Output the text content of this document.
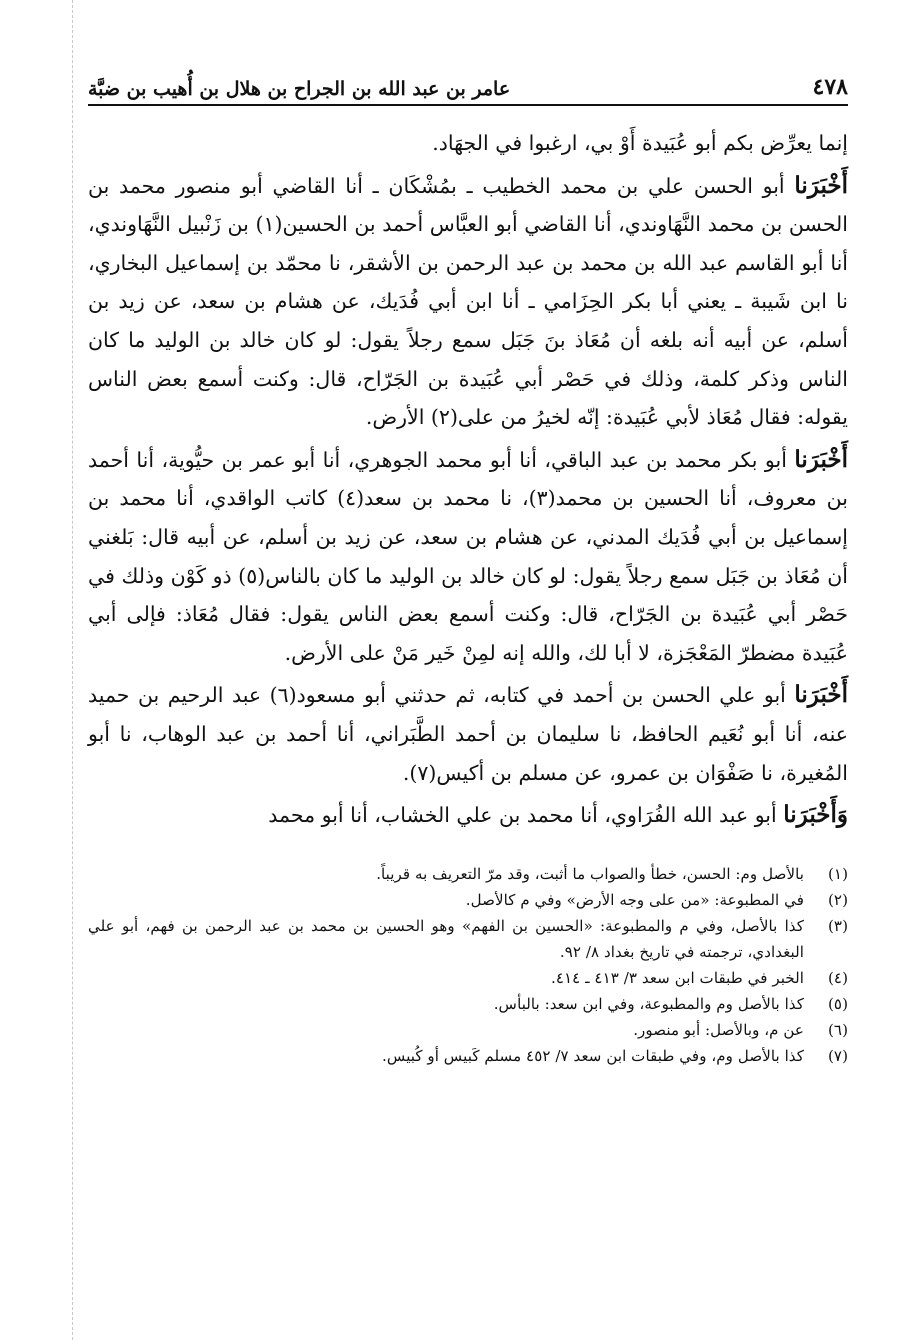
٤٧٨
عامر بن عبد الله بن الجراح بن هلال بن أُهيب بن ضبَّة

إنما يعرِّض بكم أبو عُبَيدة أَوْ بي، ارغبوا في الجهَاد.

أَخْبَرَنا أبو الحسن علي بن محمد الخطيب ـ بمُشْكَان ـ أنا القاضي أبو منصور محمد بن الحسن بن محمد النَّهَاوندي، أنا القاضي أبو العبَّاس أحمد بن الحسين(١) بن زَنْبيل النَّهَاوندي، أنا أبو القاسم عبد الله بن محمد بن عبد الرحمن بن الأشقر، نا محمّد بن إسماعيل البخاري، نا ابن شَيبة ـ يعني أبا بكر الحِزَامي ـ أنا ابن أبي فُدَيك، عن هشام بن سعد، عن زيد بن أسلم، عن أبيه أنه بلغه أن مُعَاذ بنَ جَبَل سمع رجلاً يقول: لو كان خالد بن الوليد ما كان الناس وذكر كلمة، وذلك في حَصْر أبي عُبَيدة بن الجَرّاح، قال: وكنت أسمع بعض الناس يقوله: فقال مُعَاذ لأبي عُبَيدة: إنّه لخيرُ من على(٢) الأرض.

أَخْبَرَنا أبو بكر محمد بن عبد الباقي، أنا أبو محمد الجوهري، أنا أبو عمر بن حيُّوية، أنا أحمد بن معروف، أنا الحسين بن محمد(٣)، نا محمد بن سعد(٤) كاتب الواقدي، أنا محمد بن إسماعيل بن أبي فُدَيك المدني، عن هشام بن سعد، عن زيد بن أسلم، عن أبيه قال: بَلغني أن مُعَاذ بن جَبَل سمع رجلاً يقول: لو كان خالد بن الوليد ما كان بالناس(٥) ذو كَوْن وذلك في حَصْر أبي عُبَيدة بن الجَرّاح، قال: وكنت أسمع بعض الناس يقول: فقال مُعَاذ: فإلى أبي عُبَيدة مضطرّ المَعْجَزة، لا أبا لك، والله إنه لمِنْ خَير مَنْ على الأرض.

أَخْبَرَنا أبو علي الحسن بن أحمد في كتابه، ثم حدثني أبو مسعود(٦) عبد الرحيم بن حميد عنه، أنا أبو نُعَيم الحافظ، نا سليمان بن أحمد الطَّبَراني، أنا أحمد بن عبد الوهاب، نا أبو المُغيرة، نا صَفْوَان بن عمرو، عن مسلم بن أكيس(٧).

وَأَخْبَرَنا أبو عبد الله الفُرَاوي، أنا محمد بن علي الخشاب، أنا أبو محمد

(١)
بالأصل وم: الحسن، خطأ والصواب ما أثبت، وقد مرّ التعريف به قريباً.
(٢)
في المطبوعة: «من على وجه الأرض» وفي م كالأصل.
(٣)
كذا بالأصل، وفي م والمطبوعة: «الحسين بن الفهم» وهو الحسين بن محمد بن عبد الرحمن بن فهم، أبو علي البغدادي، ترجمته في تاريخ بغداد ٨/ ٩٢.
(٤)
الخبر في طبقات ابن سعد ٣/ ٤١٣ ـ ٤١٤.
(٥)
كذا بالأصل وم والمطبوعة، وفي ابن سعد: بالبأس.
(٦)
عن م، وبالأصل: أبو منصور.
(٧)
كذا بالأصل وم، وفي طبقات ابن سعد ٧/ ٤٥٢ مسلم كَبيس أو كُبيس.
